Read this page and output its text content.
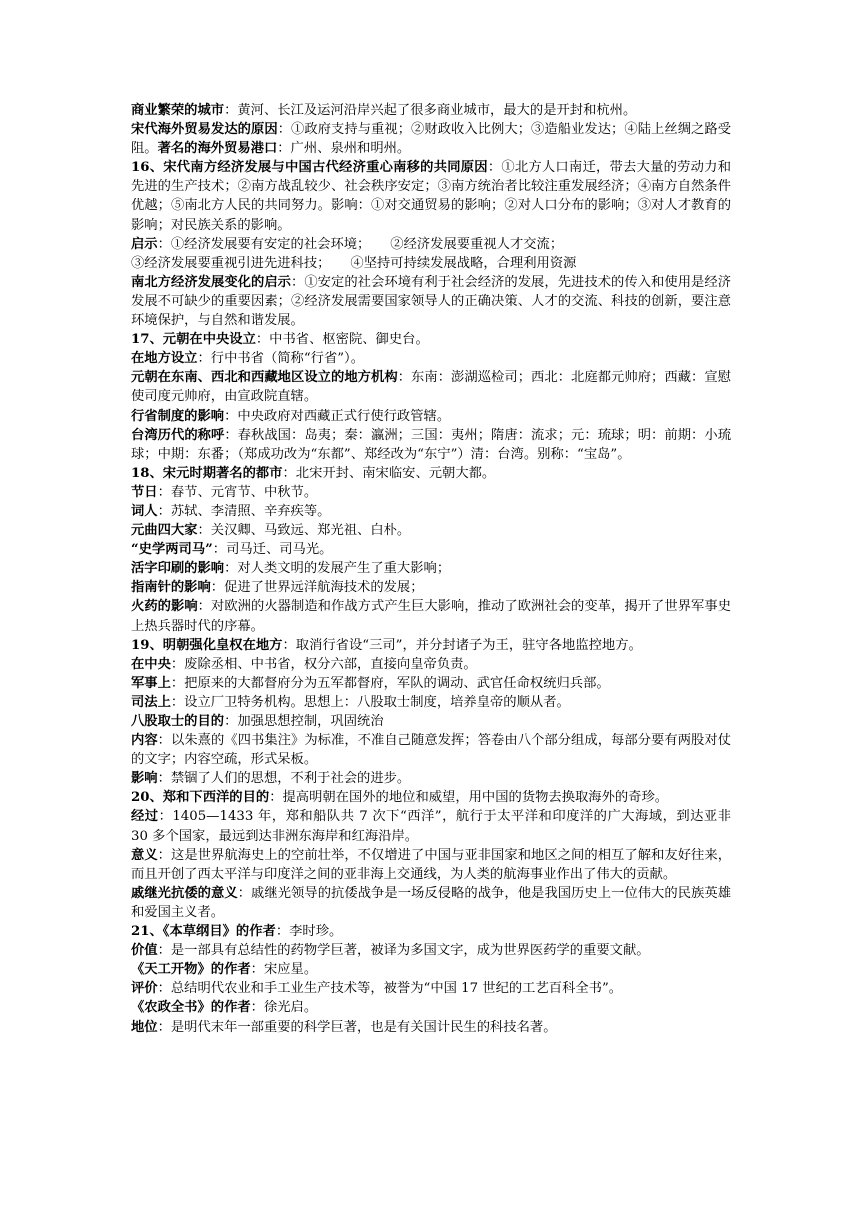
商业繁荣的城市：黄河、长江及运河沿岸兴起了很多商业城市，最大的是开封和杭州。

宋代海外贸易发达的原因：①政府支持与重视；②财政收入比例大；③造船业发达；④陆上丝绸之路受阻。著名的海外贸易港口：广州、泉州和明州。

16、宋代南方经济发展与中国古代经济重心南移的共同原因：①北方人口南迁，带去大量的劳动力和先进的生产技术；②南方战乱较少、社会秩序安定；③南方统治者比较注重发展经济；④南方自然条件优越；⑤南北方人民的共同努力。影响：①对交通贸易的影响；②对人口分布的影响；③对人才教育的影响；对民族关系的影响。

启示：①经济发展要有安定的社会环境；　　②经济发展要重视人才交流；

③经济发展要重视引进先进科技；　　④坚持可持续发展战略，合理利用资源

南北方经济发展变化的启示：①安定的社会环境有利于社会经济的发展，先进技术的传入和使用是经济发展不可缺少的重要因素；②经济发展需要国家领导人的正确决策、人才的交流、科技的创新，要注意环境保护，与自然和谐发展。

17、元朝在中央设立：中书省、枢密院、御史台。

在地方设立：行中书省（简称“行省”）。

元朝在东南、西北和西藏地区设立的地方机构：东南：澎湖巡检司；西北：北庭都元帅府；西藏：宣慰使司度元帅府，由宣政院直辖。

行省制度的影响：中央政府对西藏正式行使行政管辖。

台湾历代的称呼：春秋战国：岛夷；秦：瀛洲；三国：夷州；隋唐：流求；元：琉球；明：前期：小琉球；中期：东番；（郑成功改为“东都”、郑经改为“东宁”）清：台湾。别称：“宝岛”。

18、宋元时期著名的都市：北宋开封、南宋临安、元朝大都。

节日：春节、元宵节、中秋节。

词人：苏轼、李清照、辛弃疾等。

元曲四大家：关汉卿、马致远、郑光祖、白朴。

“史学两司马”：司马迁、司马光。

活字印刷的影响：对人类文明的发展产生了重大影响；

指南针的影响：促进了世界远洋航海技术的发展；

火药的影响：对欧洲的火器制造和作战方式产生巨大影响，推动了欧洲社会的变革，揭开了世界军事史上热兵器时代的序幕。

19、明朝强化皇权在地方：取消行省设“三司”，并分封诸子为王，驻守各地监控地方。

在中央：废除丞相、中书省，权分六部，直接向皇帝负责。

军事上：把原来的大都督府分为五军都督府，军队的调动、武官任命权统归兵部。

司法上：设立厂卫特务机构。思想上：八股取士制度，培养皇帝的顺从者。

八股取士的目的：加强思想控制，巩固统治

内容：以朱熹的《四书集注》为标准，不准自己随意发挥；答卷由八个部分组成，每部分要有两股对仗的文字；内容空疏，形式呆板。

影响：禁锢了人们的思想，不利于社会的进步。

20、郑和下西洋的目的：提高明朝在国外的地位和威望，用中国的货物去换取海外的奇珍。

经过：1405—1433 年，郑和船队共 7 次下“西洋”，航行于太平洋和印度洋的广大海域，到达亚非 30 多个国家，最远到达非洲东海岸和红海沿岸。

意义：这是世界航海史上的空前壮举，不仅增进了中国与亚非国家和地区之间的相互了解和友好往来，而且开创了西太平洋与印度洋之间的亚非海上交通线，为人类的航海事业作出了伟大的贡献。

戚继光抗倭的意义：戚继光领导的抗倭战争是一场反侵略的战争，他是我国历史上一位伟大的民族英雄和爱国主义者。

21、《本草纲目》的作者：李时珍。

价值：是一部具有总结性的药物学巨著，被译为多国文字，成为世界医药学的重要文献。

《天工开物》的作者：宋应星。

评价：总结明代农业和手工业生产技术等，被誉为“中国 17 世纪的工艺百科全书”。

《农政全书》的作者：徐光启。

地位：是明代末年一部重要的科学巨著，也是有关国计民生的科技名著。
